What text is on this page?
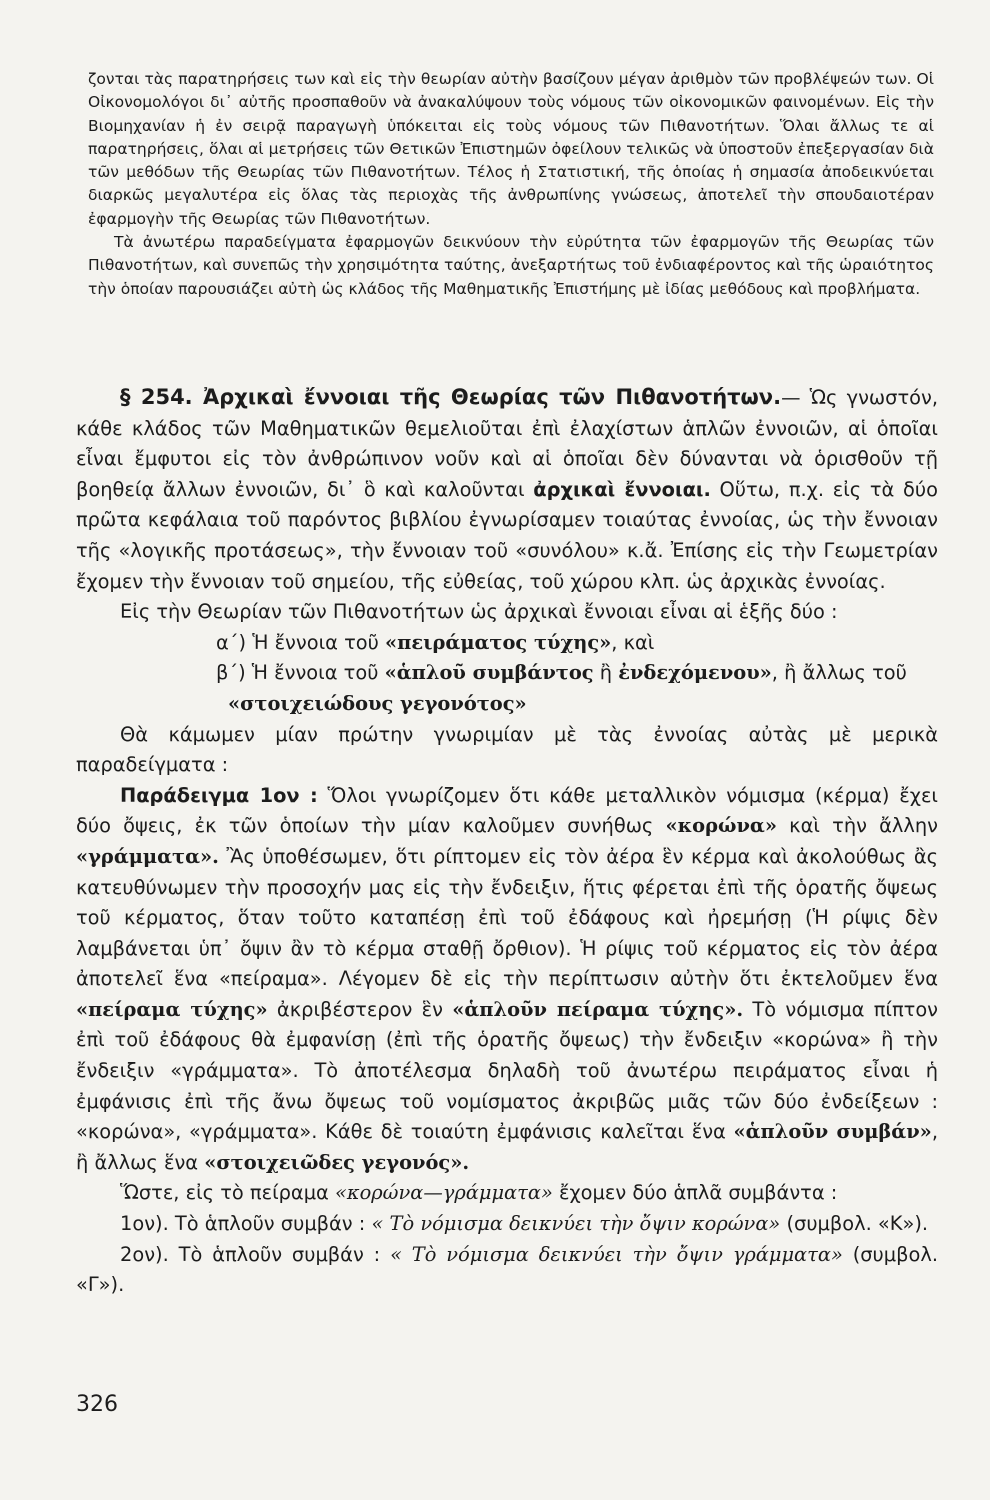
ζονται τὰς παρατηρήσεις των καὶ εἰς τὴν θεωρίαν αὐτὴν βασίζουν μέγαν ἀριθμὸν τῶν προβλέψεών των. Οἱ Οἰκονομολόγοι δι᾽ αὐτῆς προσπαθοῦν νὰ ἀνακαλύψουν τοὺς νόμους τῶν οἰκονομικῶν φαινομένων. Εἰς τὴν Βιομηχανίαν ἡ ἐν σειρᾷ παραγωγὴ ὑπόκειται εἰς τοὺς νόμους τῶν Πιθανοτήτων. Ὅλαι ἄλλως τε αἱ παρατηρήσεις, ὅλαι αἱ μετρήσεις τῶν Θετικῶν Ἐπιστημῶν ὀφείλουν τελικῶς νὰ ὑποστοῦν ἐπεξεργασίαν διὰ τῶν μεθόδων τῆς Θεωρίας τῶν Πιθανοτήτων. Τέλος ἡ Στατιστική, τῆς ὁποίας ἡ σημασία ἀποδεικνύεται διαρκῶς μεγαλυτέρα εἰς ὅλας τὰς περιοχὰς τῆς ἀνθρωπίνης γνώσεως, ἀποτελεῖ τὴν σπουδαιοτέραν ἐφαρμογὴν τῆς Θεωρίας τῶν Πιθανοτήτων.

Τὰ ἀνωτέρω παραδείγματα ἐφαρμογῶν δεικνύουν τὴν εὐρύτητα τῶν ἐφαρμογῶν τῆς Θεωρίας τῶν Πιθανοτήτων, καὶ συνεπῶς τὴν χρησιμότητα ταύτης, ἀνεξαρτήτως τοῦ ἐνδιαφέροντος καὶ τῆς ὡραιότητος τὴν ὁποίαν παρουσιάζει αὐτὴ ὡς κλάδος τῆς Μαθηματικῆς Ἐπιστήμης μὲ ἰδίας μεθόδους καὶ προβλήματα.

§ 254. Ἀρχικαὶ ἔννοιαι τῆς Θεωρίας τῶν Πιθανοτήτων.— Ὡς γνωστόν, κάθε κλάδος τῶν Μαθηματικῶν θεμελιοῦται ἐπὶ ἐλαχίστων ἁπλῶν ἐννοιῶν, αἱ ὁποῖαι εἶναι ἔμφυτοι εἰς τὸν ἀνθρώπινον νοῦν καὶ αἱ ὁποῖαι δὲν δύνανται νὰ ὁρισθοῦν τῇ βοηθείᾳ ἄλλων ἐννοιῶν, δι᾽ ὃ καὶ καλοῦνται ἀρχικαὶ ἔννοιαι. Οὕτω, π.χ. εἰς τὰ δύο πρῶτα κεφάλαια τοῦ παρόντος βιβλίου ἐγνωρίσαμεν τοιαύτας ἐννοίας, ὡς τὴν ἔννοιαν τῆς «λογικῆς προτάσεως», τὴν ἔννοιαν τοῦ «συνόλου» κ.ἄ. Ἐπίσης εἰς τὴν Γεωμετρίαν ἔχομεν τὴν ἔννοιαν τοῦ σημείου, τῆς εὐθείας, τοῦ χώρου κλπ. ὡς ἀρχικὰς ἐννοίας.

Εἰς τὴν Θεωρίαν τῶν Πιθανοτήτων ὡς ἀρχικαὶ ἔννοιαι εἶναι αἱ ἑξῆς δύο :

α΄) Ἡ ἔννοια τοῦ «πειράματος τύχης», καὶ

β΄) Ἡ ἔννοια τοῦ «ἁπλοῦ συμβάντος ἢ ἐνδεχόμενου», ἢ ἄλλως τοῦ

«στοιχειώδους γεγονότος»

Θὰ κάμωμεν μίαν πρώτην γνωριμίαν μὲ τὰς ἐννοίας αὐτὰς μὲ μερικὰ παραδείγματα :

Παράδειγμα 1ον : Ὅλοι γνωρίζομεν ὅτι κάθε μεταλλικὸν νόμισμα (κέρμα) ἔχει δύο ὄψεις, ἐκ τῶν ὁποίων τὴν μίαν καλοῦμεν συνήθως «κορώνα» καὶ τὴν ἄλλην «γράμματα». Ἂς ὑποθέσωμεν, ὅτι ρίπτομεν εἰς τὸν ἀέρα ἓν κέρμα καὶ ἀκολούθως ἂς κατευθύνωμεν τὴν προσοχήν μας εἰς τὴν ἔνδειξιν, ἥτις φέρεται ἐπὶ τῆς ὁρατῆς ὄψεως τοῦ κέρματος, ὅταν τοῦτο καταπέσῃ ἐπὶ τοῦ ἐδάφους καὶ ἠρεμήσῃ (Ἡ ρίψις δὲν λαμβάνεται ὑπ᾽ ὄψιν ἂν τὸ κέρμα σταθῇ ὄρθιον). Ἡ ρίψις τοῦ κέρματος εἰς τὸν ἀέρα ἀποτελεῖ ἕνα «πείραμα». Λέγομεν δὲ εἰς τὴν περίπτωσιν αὐτὴν ὅτι ἐκτελοῦμεν ἕνα «πείραμα τύχης» ἀκριβέστερον ἓν «ἁπλοῦν πείραμα τύχης». Τὸ νόμισμα πίπτον ἐπὶ τοῦ ἐδάφους θὰ ἐμφανίσῃ (ἐπὶ τῆς ὁρατῆς ὄψεως) τὴν ἔνδειξιν «κορώνα» ἢ τὴν ἔνδειξιν «γράμματα». Τὸ ἀποτέλεσμα δηλαδὴ τοῦ ἀνωτέρω πειράματος εἶναι ἡ ἐμφάνισις ἐπὶ τῆς ἄνω ὄψεως τοῦ νομίσματος ἀκριβῶς μιᾶς τῶν δύο ἐνδείξεων : «κορώνα», «γράμματα». Κάθε δὲ τοιαύτη ἐμφάνισις καλεῖται ἕνα «ἁπλοῦν συμβάν», ἢ ἄλλως ἕνα «στοιχειῶδες γεγονός».

Ὥστε, εἰς τὸ πείραμα «κορώνα—γράμματα» ἔχομεν δύο ἁπλᾶ συμβάντα :

1ον). Τὸ ἁπλοῦν συμβάν : « Τὸ νόμισμα δεικνύει τὴν ὄψιν κορώνα» (συμβολ. «Κ»).

2ον). Τὸ ἁπλοῦν συμβάν : « Τὸ νόμισμα δεικνύει τὴν ὄψιν γράμματα» (συμβολ. «Γ»).

326
